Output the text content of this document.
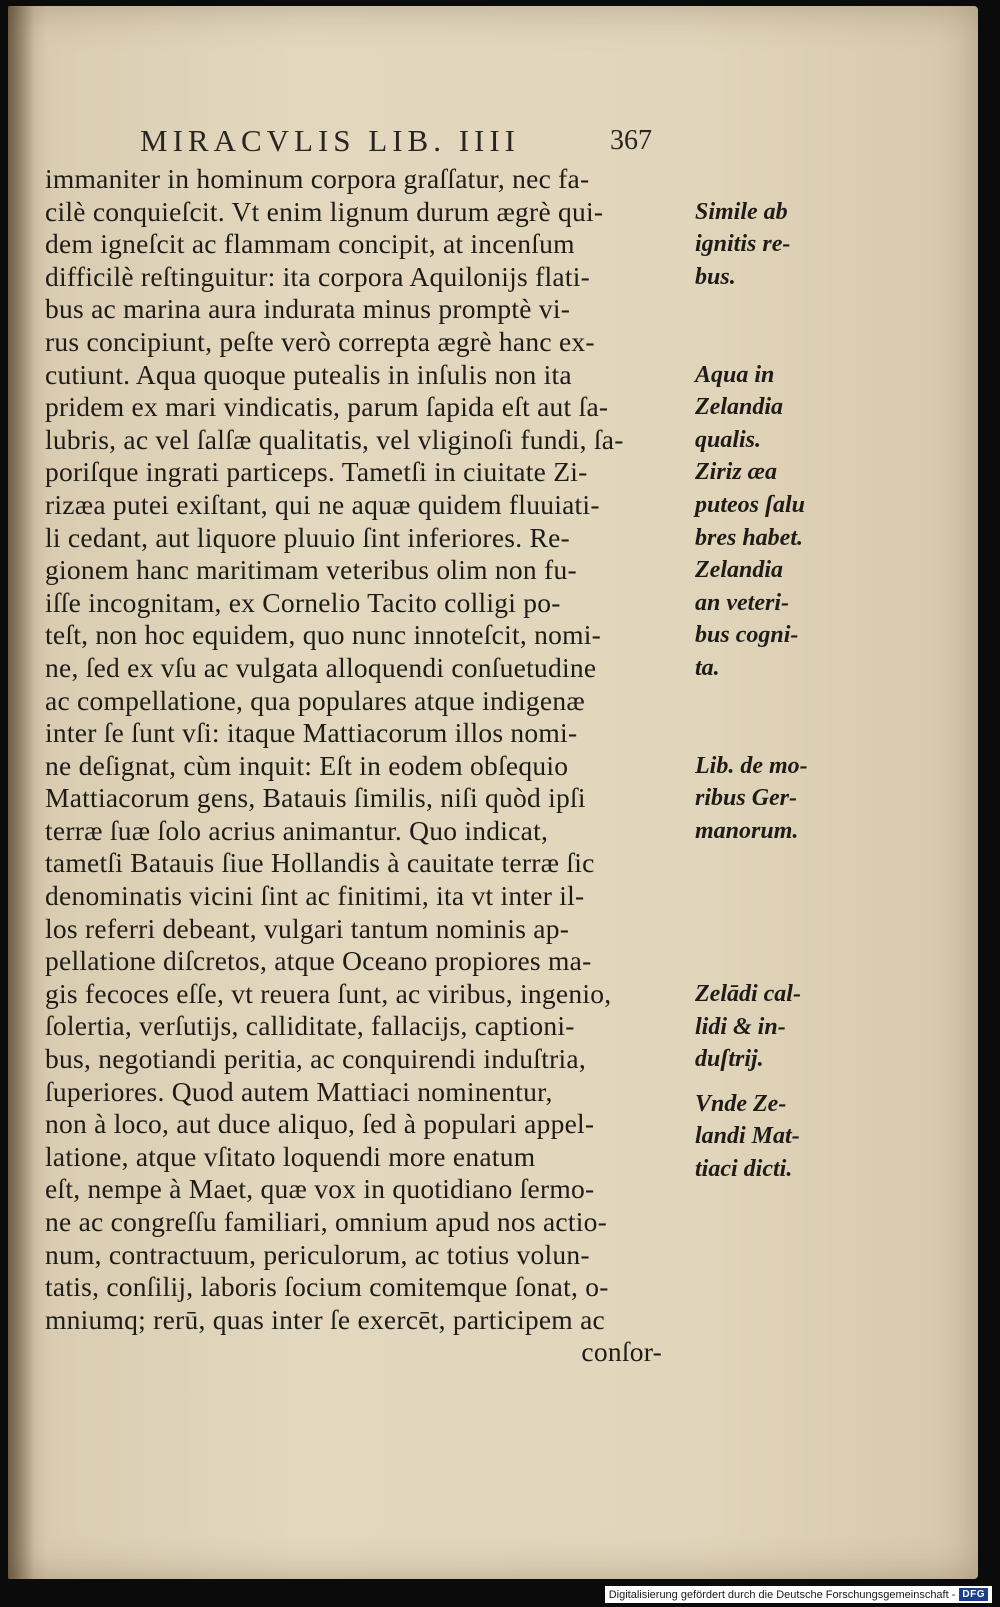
MIRACVLIS LIB. IIII	367
immaniter in hominum corpora graſſatur, nec fa-
cilè conquieſcit. Vt enim lignum durum ægrè qui-
dem igneſcit ac flammam concipit, at incenſum
difficilè reſtinguitur: ita corpora Aquilonijs flati-
bus ac marina aura indurata minus promptè vi-
rus concipiunt, peſte verò correpta ægrè hanc ex-
cutiunt. Aqua quoque putealis in inſulis non ita
pridem ex mari vindicatis, parum ſapida eſt aut ſa-
lubris, ac vel ſalſæ qualitatis, vel vliginoſi fundi, ſa-
poriſque ingrati particeps. Tametſi in ciuitate Zi-
rizæa putei exiſtant, qui ne aquæ quidem fluuiati-
li cedant, aut liquore pluuio ſint inferiores. Re-
gionem hanc maritimam veteribus olim non fu-
iſſe incognitam, ex Cornelio Tacito colligi po-
teſt, non hoc equidem, quo nunc innoteſcit, nomi-
ne, ſed ex vſu ac vulgata alloquendi conſuetudine
ac compellatione, qua populares atque indigenæ
inter ſe ſunt vſi: itaque Mattiacorum illos nomi-
ne deſignat, cùm inquit: Eſt in eodem obſequio
Mattiacorum gens, Batauis ſimilis, niſi quòd ipſi
terræ ſuæ ſolo acrius animantur. Quo indicat,
tametſi Batauis ſiue Hollandis à cauitate terræ ſic
denominatis vicini ſint ac finitimi, ita vt inter il-
los referri debeant, vulgari tantum nominis ap-
pellatione diſcretos, atque Oceano propiores ma-
gis fecoces eſſe, vt reuera ſunt, ac viribus, ingenio,
ſolertia, verſutijs, calliditate, fallacijs, captioni-
bus, negotiandi peritia, ac conquirendi induſtria,
ſuperiores. Quod autem Mattiaci nominentur,
non à loco, aut duce aliquo, ſed à populari appel-
latione, atque vſitato loquendi more enatum
eſt, nempe à Maet, quæ vox in quotidiano ſermo-
ne ac congreſſu familiari, omnium apud nos actio-
num, contractuum, periculorum, ac totius volun-
tatis, conſilij, laboris ſocium comitemque ſonat, o-
mniumq; rerū, quas inter ſe exercēt, participem ac
conſor-
Simile ab
ignitis re-
bus.
Aqua in
Zelandia
qualis.
Ziriz æa
puteos ſalu
bres habet.
Zelandia
an veteri-
bus cogni-
ta.
Lib. de mo-
ribus Ger-
manorum.
Zelādi cal-
lidi & in-
duſtrij.
Vnde Ze-
landi Mat-
tiaci dicti.
Digitalisierung gefördert durch die Deutsche Forschungsgemeinschaft - DFG
